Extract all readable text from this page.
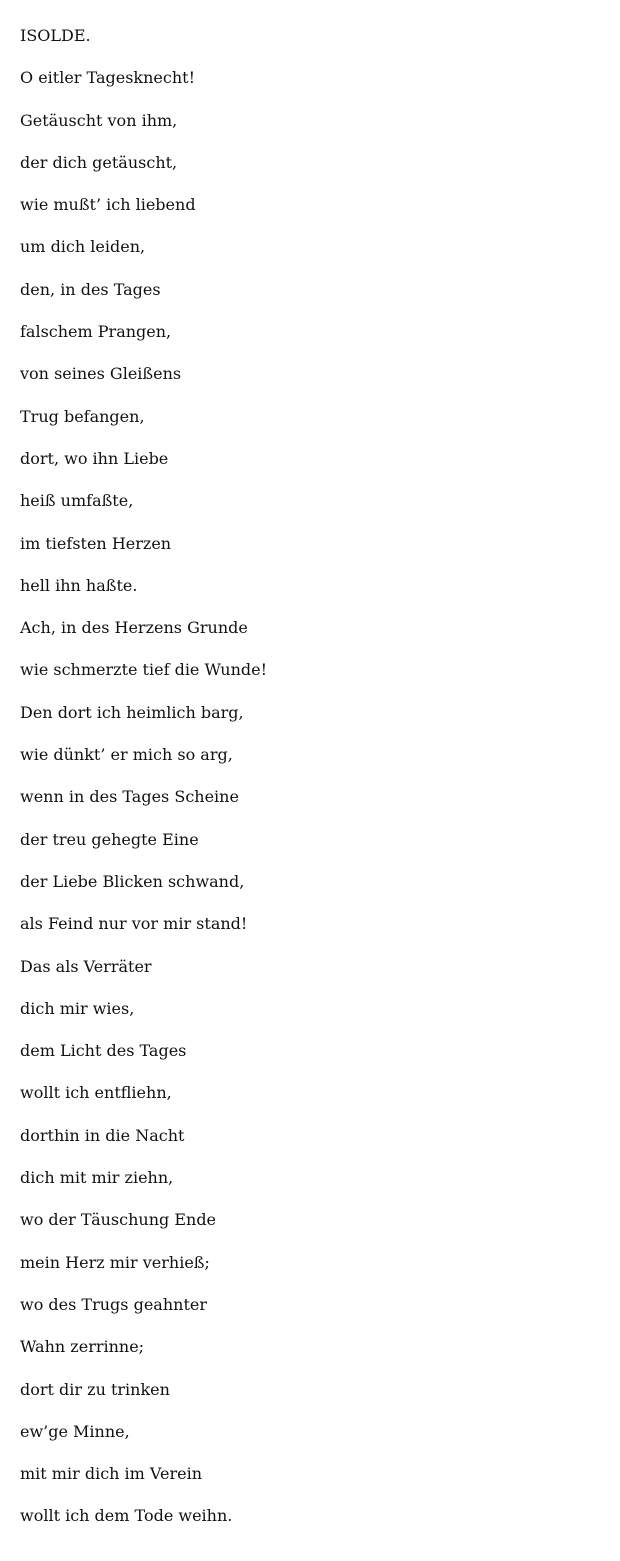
ISOLDE.

O eitler Tagesknecht!

Getäuscht von ihm,

der dich getäuscht,

wie mußt’ ich liebend

um dich leiden,

den, in des Tages

falschem Prangen,

von seines Gleißens

Trug befangen,

dort, wo ihn Liebe

heiß umfaßte,

im tiefsten Herzen

hell ihn haßte.

Ach, in des Herzens Grunde

wie schmerzte tief die Wunde!

Den dort ich heimlich barg,

wie dünkt’ er mich so arg,

wenn in des Tages Scheine

der treu gehegte Eine

der Liebe Blicken schwand,

als Feind nur vor mir stand!

Das als Verräter

dich mir wies,

dem Licht des Tages

wollt ich entfliehn,

dorthin in die Nacht

dich mit mir ziehn,

wo der Täuschung Ende

mein Herz mir verhieß;

wo des Trugs geahnter

Wahn zerrinne;

dort dir zu trinken

ew’ge Minne,

mit mir dich im Verein

wollt ich dem Tode weihn.
